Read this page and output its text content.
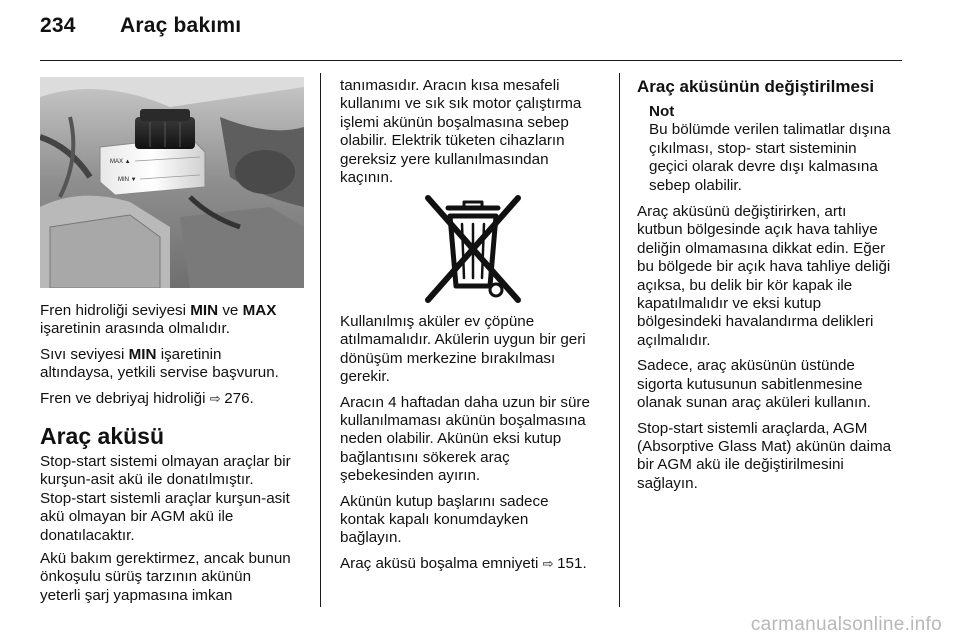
234 Araç bakımı
MAX ▲
MIN ▼

Fren hidroliği seviyesi MIN ve MAX
işaretinin arasında olmalıdır.

Sıvı seviyesi MIN işaretinin
altındaysa, yetkili servise başvurun.

Fren ve debriyaj hidroliği ⇨ 276.

Araç aküsü

Stop-start sistemi olmayan araçlar bir
kurşun-asit akü ile donatılmıştır.
Stop-start sistemli araçlar kurşun-asit
akü olmayan bir AGM akü ile
donatılacaktır.

Akü bakım gerektirmez, ancak bunun
önkoşulu sürüş tarzının akünün
yeterli şarj yapmasına imkan

tanımasıdır. Aracın kısa mesafeli
kullanımı ve sık sık motor çalıştırma
işlemi akünün boşalmasına sebep
olabilir. Elektrik tüketen cihazların
gereksiz yere kullanılmasından
kaçının.

Kullanılmış aküler ev çöpüne
atılmamalıdır. Akülerin uygun bir geri
dönüşüm merkezine bırakılması
gerekir.

Aracın 4 haftadan daha uzun bir süre
kullanılmaması akünün boşalmasına
neden olabilir. Akünün eksi kutup
bağlantısını sökerek araç
şebekesinden ayırın.

Akünün kutup başlarını sadece
kontak kapalı konumdayken
bağlayın.

Araç aküsü boşalma emniyeti ⇨ 151.

Araç aküsünün değiştirilmesi
Not
Bu bölümde verilen talimatlar dışına
çıkılması, stop- start sisteminin
geçici olarak devre dışı kalmasına
sebep olabilir.

Araç aküsünü değiştirirken, artı
kutbun bölgesinde açık hava tahliye
deliğin olmamasına dikkat edin. Eğer
bu bölgede bir açık hava tahliye deliği
açıksa, bu delik bir kör kapak ile
kapatılmalıdır ve eksi kutup
bölgesindeki havalandırma delikleri
açılmalıdır.

Sadece, araç aküsünün üstünde
sigorta kutusunun sabitlenmesine
olanak sunan araç aküleri kullanın.

Stop-start sistemli araçlarda, AGM
(Absorptive Glass Mat) akünün daima
bir AGM akü ile değiştirilmesini
sağlayın.

carmanualsonline.info
